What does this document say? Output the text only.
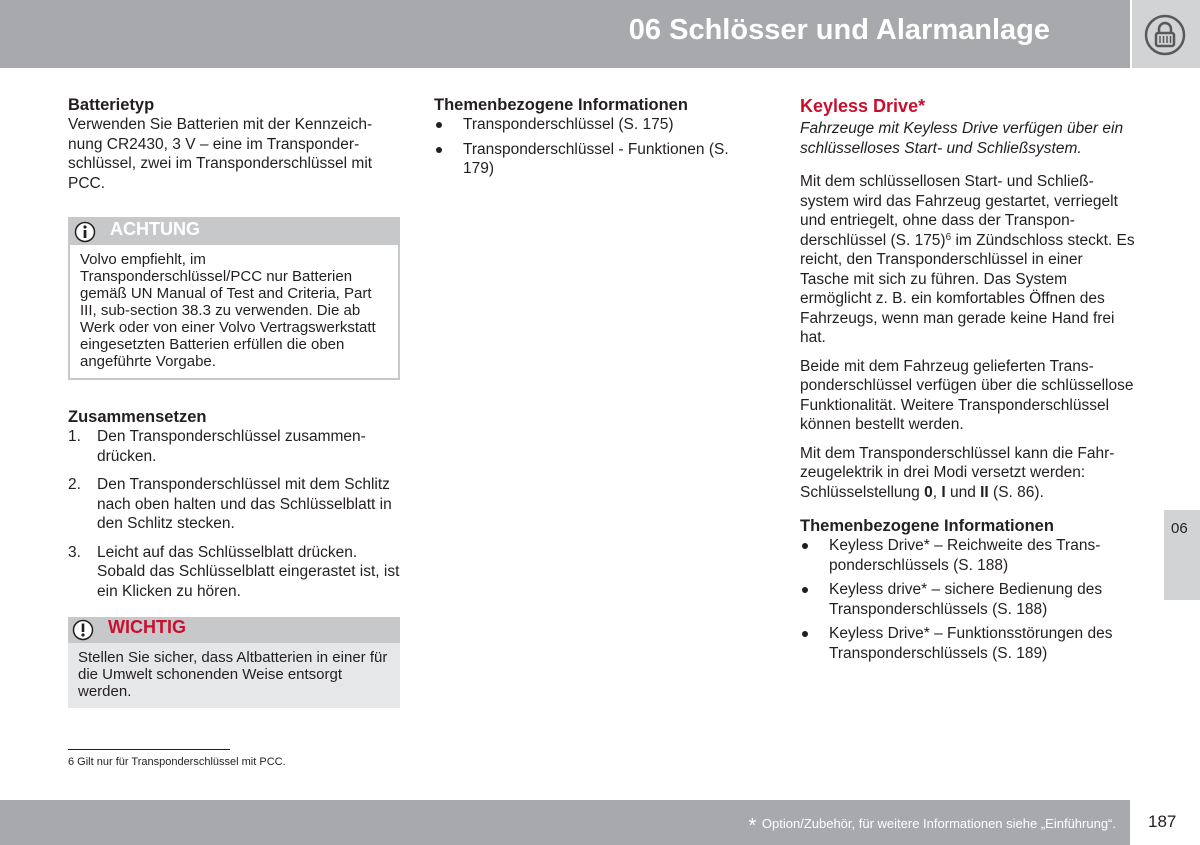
06 Schlösser und Alarmanlage
06
Batterietyp

Verwenden Sie Batterien mit der Kennzeichnung CR2430, 3 V – eine im Transponderschlüssel, zwei im Transponderschlüssel mit PCC.

ACHTUNG
Volvo empfiehlt, im Transponderschlüssel/PCC nur Batterien gemäß UN Manual of Test and Criteria, Part III, sub-section 38.3 zu verwenden. Die ab Werk oder von einer Volvo Vertragswerkstatt eingesetzten Batterien erfüllen die oben angeführte Vorgabe.
Zusammensetzen
1. Den Transponderschlüssel zusammendrücken.
2. Den Transponderschlüssel mit dem Schlitz nach oben halten und das Schlüsselblatt in den Schlitz stecken.
3. Leicht auf das Schlüsselblatt drücken. Sobald das Schlüsselblatt eingerastet ist, ist ein Klicken zu hören.
WICHTIG
Stellen Sie sicher, dass Altbatterien in einer für die Umwelt schonenden Weise entsorgt werden.
Themenbezogene Informationen
Transponderschlüssel (S. 175)
Transponderschlüssel - Funktionen (S. 179)
Keyless Drive*

Fahrzeuge mit Keyless Drive verfügen über ein schlüsselloses Start- und Schließsystem.

Mit dem schlüssellosen Start- und Schließsystem wird das Fahrzeug gestartet, verriegelt und entriegelt, ohne dass der Transponderschlüssel (S. 175)$^6$ im Zündschloss steckt. Es reicht, den Transponderschlüssel in einer Tasche mit sich zu führen. Das System ermöglicht z. B. ein komfortables Öffnen des Fahrzeugs, wenn man gerade keine Hand frei hat.

Beide mit dem Fahrzeug gelieferten Transponderschlüssel verfügen über die schlüssellose Funktionalität. Weitere Transponderschlüssel können bestellt werden.

Mit dem Transponderschlüssel kann die Fahrzeugelektrik in drei Modi versetzt werden: Schlüsselstellung 0, I und II (S. 86).

Themenbezogene Informationen
Keyless Drive* – Reichweite des Transponderschlüssels (S. 188)
Keyless drive* – sichere Bedienung des Transponderschlüssels (S. 188)
Keyless Drive* – Funktionsstörungen des Transponderschlüssels (S. 189)
6 Gilt nur für Transponderschlüssel mit PCC.
* Option/Zubehör, für weitere Informationen siehe „Einführung“. 187
